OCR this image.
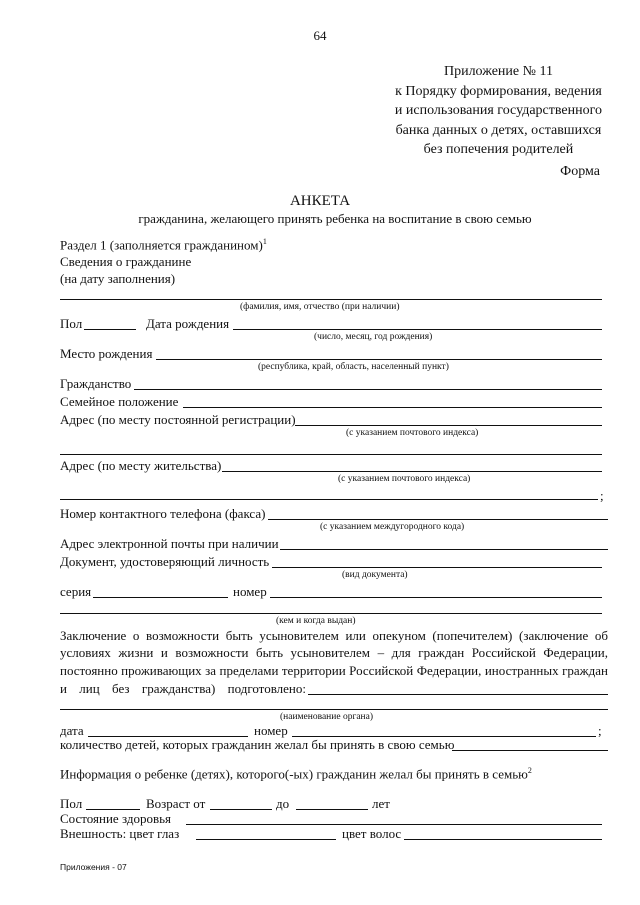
64
Приложение № 11
к Порядку формирования, ведения
и использования государственного
банка данных о детях, оставшихся
без попечения родителей
Форма
АНКЕТА
гражданина, желающего принять ребенка на воспитание в свою семью
Раздел 1 (заполняется гражданином)$^1$
Сведения о гражданине
(на дату заполнения)
(фамилия, имя, отчество (при наличии)
Пол	Дата рождения
(число, месяц, год рождения)
Место рождения
(республика, край, область, населенный пункт)
Гражданство
Семейное положение
Адрес (по месту постоянной регистрации)
(с указанием почтового индекса)
Адрес (по месту жительства)
(с указанием почтового индекса)
;
Номер контактного телефона (факса)
(с указанием междугородного кода)
Адрес электронной почты при наличии
Документ, удостоверяющий личность
(вид документа)
серия	номер
(кем и когда выдан)
Заключение о возможности быть усыновителем или опекуном (попечителем) (заключение об
условиях жизни и возможности быть усыновителем – для граждан Российской Федерации,
постоянно проживающих за пределами территории Российской Федерации, иностранных граждан
и лиц без гражданства) подготовлено:
(наименование органа)
дата	номер	;
количество детей, которых гражданин желал бы принять в свою семью
Информация о ребенке (детях), которого(-ых) гражданин желал бы принять в семью$^2$
Пол	Возраст от	до	лет
Состояние здоровья
Внешность: цвет глаз	цвет волос
Приложения - 07
